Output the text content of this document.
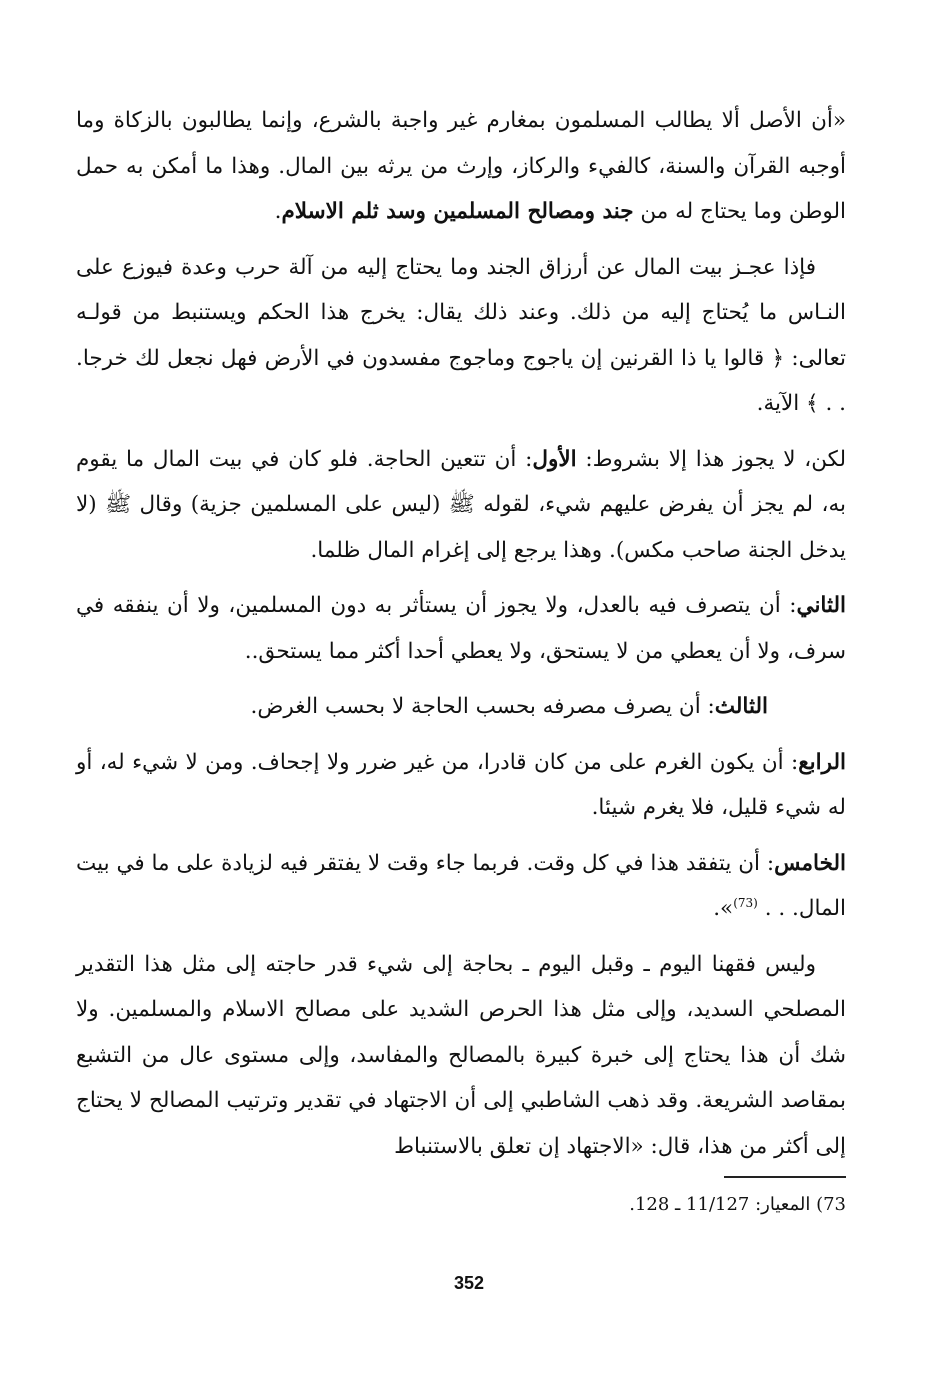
«أن الأصل ألا يطالب المسلمون بمغارم غير واجبة بالشرع، وإنما يطالبون بالزكاة وما أوجبه القرآن والسنة، كالفيء والركاز، وإرث من يرثه بين المال. وهذا ما أمكن به حمل الوطن وما يحتاج له من جند ومصالح المسلمين وسد ثلم الاسلام.

فإذا عجـز بيت المال عن أرزاق الجند وما يحتاج إليه من آلة حرب وعدة فيوزع على النـاس ما يُحتاج إليه من ذلك. وعند ذلك يقال: يخرج هذا الحكم ويستنبط من قولـه تعالى: ﴿ قالوا يا ذا القرنين إن ياجوج وماجوج مفسدون في الأرض فهل نجعل لك خرجا. . . ﴾ الآية.

لكن، لا يجوز هذا إلا بشروط: الأول: أن تتعين الحاجة. فلو كان في بيت المال ما يقوم به، لم يجز أن يفرض عليهم شيء، لقوله ﷺ (ليس على المسلمين جزية) وقال ﷺ (لا يدخل الجنة صاحب مكس). وهذا يرجع إلى إغرام المال ظلما.

الثاني: أن يتصرف فيه بالعدل، ولا يجوز أن يستأثر به دون المسلمين، ولا أن ينفقه في سرف، ولا أن يعطي من لا يستحق، ولا يعطي أحدا أكثر مما يستحق..

الثالث: أن يصرف مصرفه بحسب الحاجة لا بحسب الغرض.

الرابع: أن يكون الغرم على من كان قادرا، من غير ضرر ولا إجحاف. ومن لا شيء له، أو له شيء قليل، فلا يغرم شيئا.

الخامس: أن يتفقد هذا في كل وقت. فربما جاء وقت لا يفتقر فيه لزيادة على ما في بيت المال. . . $^{(73)}$».

وليس فقهنا اليوم ـ وقبل اليوم ـ بحاجة إلى شيء قدر حاجته إلى مثل هذا التقدير المصلحي السديد، وإلى مثل هذا الحرص الشديد على مصالح الاسلام والمسلمين. ولا شك أن هذا يحتاج إلى خبرة كبيرة بالمصالح والمفاسد، وإلى مستوى عال من التشبع بمقاصد الشريعة. وقد ذهب الشاطبي إلى أن الاجتهاد في تقدير وترتيب المصالح لا يحتاج إلى أكثر من هذا، قال: «الاجتهاد إن تعلق بالاستنباط

73) المعيار: 11/127 ـ 128.
352
